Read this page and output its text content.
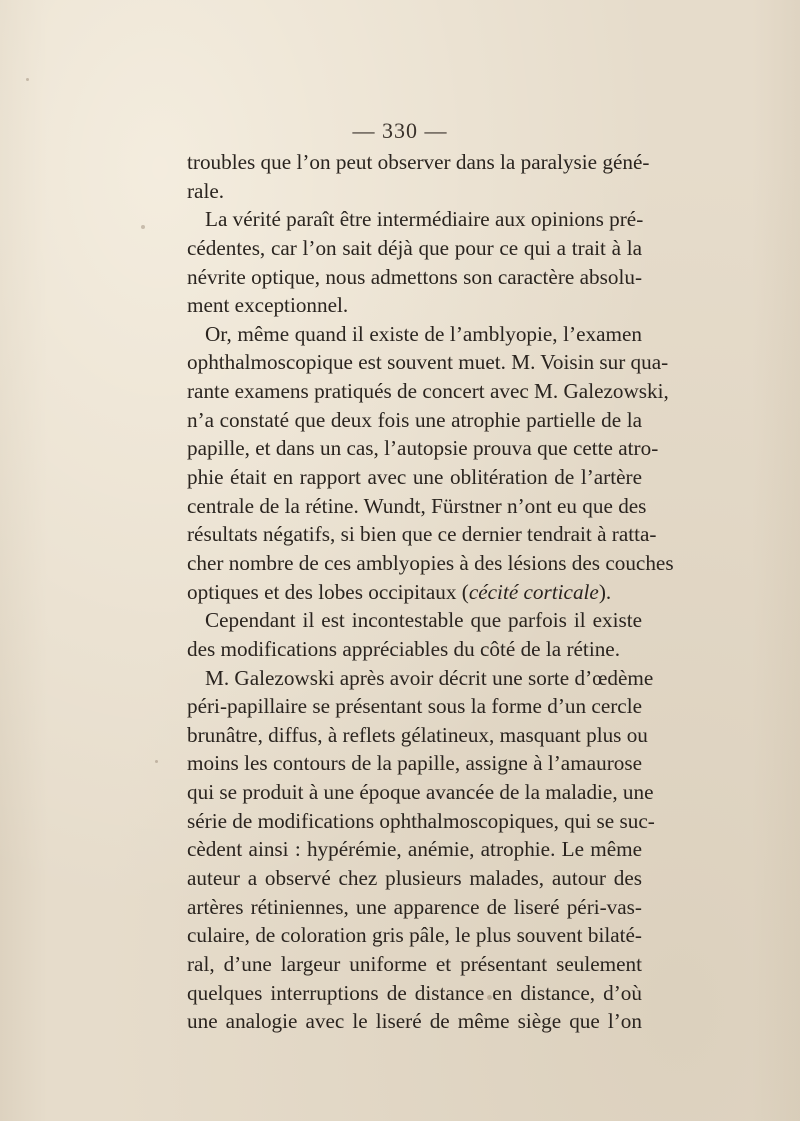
— 330 —
troubles que l’on peut observer dans la paralysie géné-
rale.
La vérité paraît être intermédiaire aux opinions pré-
cédentes, car l’on sait déjà que pour ce qui a trait à la
névrite optique, nous admettons son caractère absolu-
ment exceptionnel.
Or, même quand il existe de l’amblyopie, l’examen
ophthalmoscopique est souvent muet. M. Voisin sur qua-
rante examens pratiqués de concert avec M. Galezowski,
n’a constaté que deux fois une atrophie partielle de la
papille, et dans un cas, l’autopsie prouva que cette atro-
phie était en rapport avec une oblitération de l’artère
centrale de la rétine. Wundt, Fürstner n’ont eu que des
résultats négatifs, si bien que ce dernier tendrait à ratta-
cher nombre de ces amblyopies à des lésions des couches
optiques et des lobes occipitaux (cécité corticale).
Cependant il est incontestable que parfois il existe
des modifications appréciables du côté de la rétine.
M. Galezowski après avoir décrit une sorte d’œdème
péri-papillaire se présentant sous la forme d’un cercle
brunâtre, diffus, à reflets gélatineux, masquant plus ou
moins les contours de la papille, assigne à l’amaurose
qui se produit à une époque avancée de la maladie, une
série de modifications ophthalmoscopiques, qui se suc-
cèdent ainsi : hypérémie, anémie, atrophie. Le même
auteur a observé chez plusieurs malades, autour des
artères rétiniennes, une apparence de liseré péri-vas-
culaire, de coloration gris pâle, le plus souvent bilaté-
ral, d’une largeur uniforme et présentant seulement
quelques interruptions de distance en distance, d’où
une analogie avec le liseré de même siège que l’on
